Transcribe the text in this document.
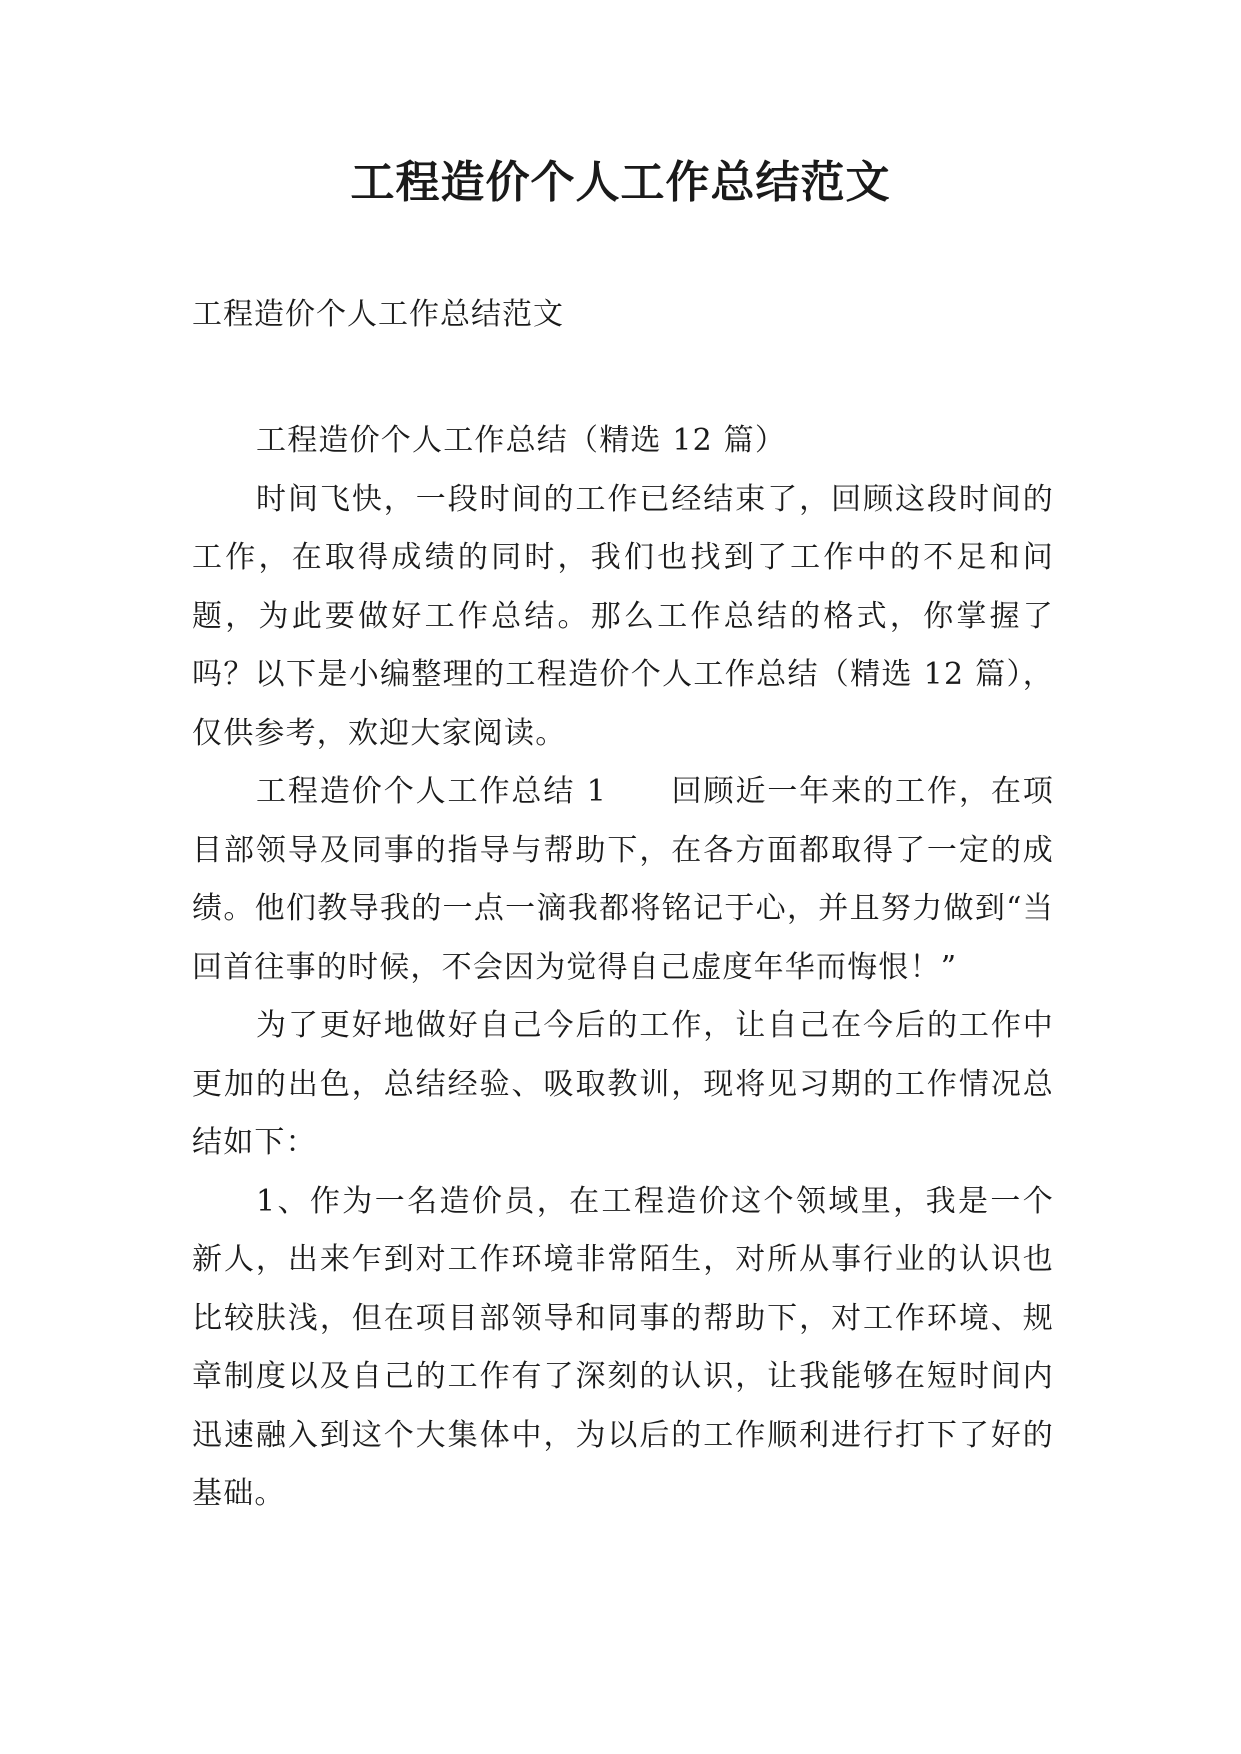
工程造价个人工作总结范文
工程造价个人工作总结范文

工程造价个人工作总结（精选 12 篇）

时间飞快，一段时间的工作已经结束了，回顾这段时间的工作，在取得成绩的同时，我们也找到了工作中的不足和问题，为此要做好工作总结。那么工作总结的格式，你掌握了吗？以下是小编整理的工程造价个人工作总结（精选 12 篇），仅供参考，欢迎大家阅读。

工程造价个人工作总结 1　　回顾近一年来的工作，在项目部领导及同事的指导与帮助下，在各方面都取得了一定的成绩。他们教导我的一点一滴我都将铭记于心，并且努力做到“当回首往事的时候，不会因为觉得自己虚度年华而悔恨！”

为了更好地做好自己今后的工作，让自己在今后的工作中更加的出色，总结经验、吸取教训，现将见习期的工作情况总结如下：

1、作为一名造价员，在工程造价这个领域里，我是一个新人，出来乍到对工作环境非常陌生，对所从事行业的认识也比较肤浅，但在项目部领导和同事的帮助下，对工作环境、规章制度以及自己的工作有了深刻的认识，让我能够在短时间内迅速融入到这个大集体中，为以后的工作顺利进行打下了好的基础。
